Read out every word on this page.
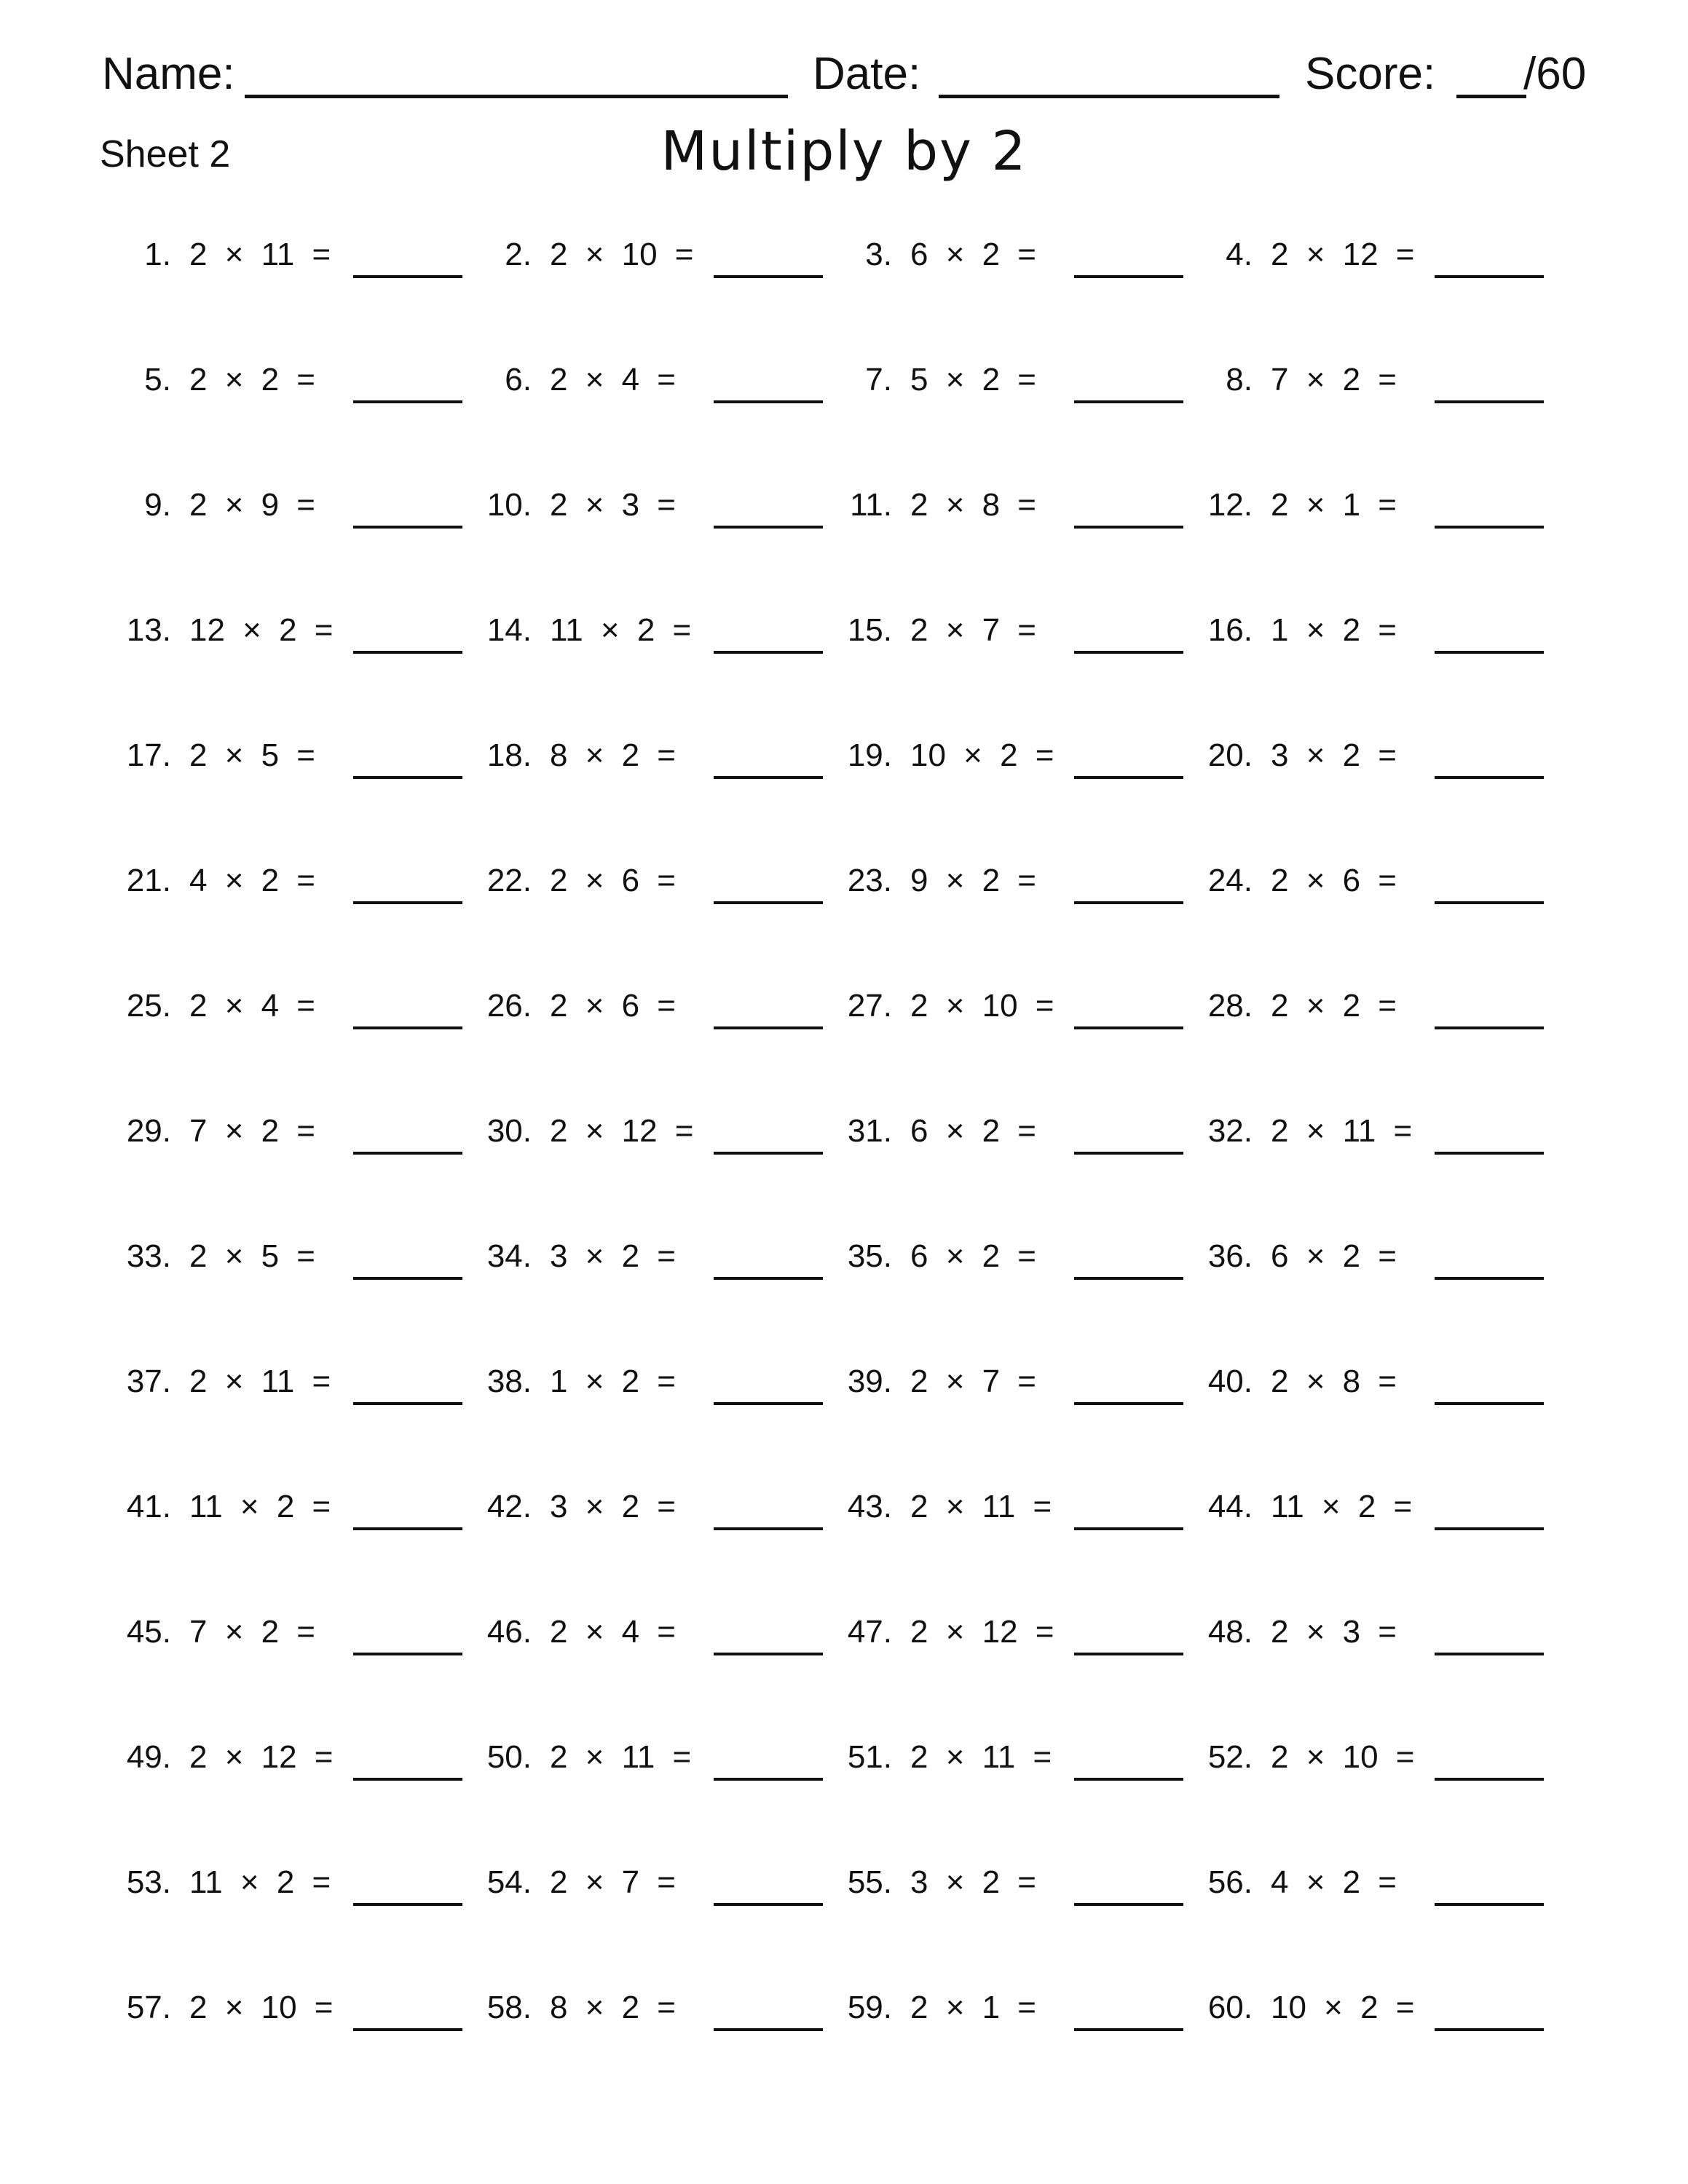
Name:	Date:	Score: /60
Sheet 2	Multiply by 2
1. 2 × 11 =	2. 2 × 10 =	3. 6 × 2 =	4. 2 × 12 =
5. 2 × 2 =	6. 2 × 4 =	7. 5 × 2 =	8. 7 × 2 =
9. 2 × 9 =	10. 2 × 3 =	11. 2 × 8 =	12. 2 × 1 =
13. 12 × 2 =	14. 11 × 2 =	15. 2 × 7 =	16. 1 × 2 =
17. 2 × 5 =	18. 8 × 2 =	19. 10 × 2 =	20. 3 × 2 =
21. 4 × 2 =	22. 2 × 6 =	23. 9 × 2 =	24. 2 × 6 =
25. 2 × 4 =	26. 2 × 6 =	27. 2 × 10 =	28. 2 × 2 =
29. 7 × 2 =	30. 2 × 12 =	31. 6 × 2 =	32. 2 × 11 =
33. 2 × 5 =	34. 3 × 2 =	35. 6 × 2 =	36. 6 × 2 =
37. 2 × 11 =	38. 1 × 2 =	39. 2 × 7 =	40. 2 × 8 =
41. 11 × 2 =	42. 3 × 2 =	43. 2 × 11 =	44. 11 × 2 =
45. 7 × 2 =	46. 2 × 4 =	47. 2 × 12 =	48. 2 × 3 =
49. 2 × 12 =	50. 2 × 11 =	51. 2 × 11 =	52. 2 × 10 =
53. 11 × 2 =	54. 2 × 7 =	55. 3 × 2 =	56. 4 × 2 =
57. 2 × 10 =	58. 8 × 2 =	59. 2 × 1 =	60. 10 × 2 =
